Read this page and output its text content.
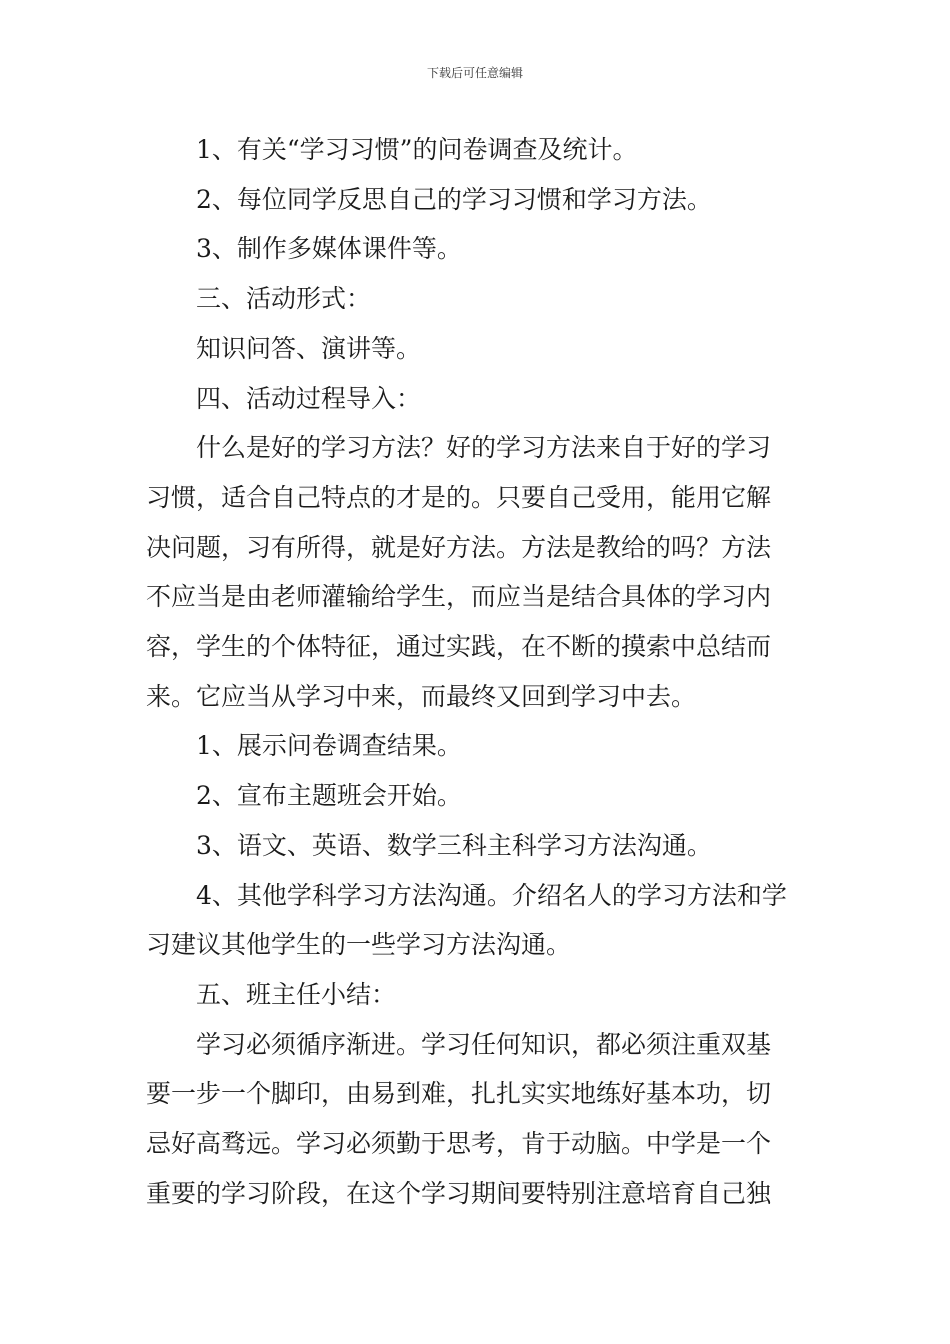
下载后可任意编辑

1、有关“学习习惯”的问卷调查及统计。

2、每位同学反思自己的学习习惯和学习方法。

3、制作多媒体课件等。

三、活动形式：

知识问答、演讲等。

四、活动过程导入：

什么是好的学习方法？好的学习方法来自于好的学习

习惯，适合自己特点的才是的。只要自己受用，能用它解

决问题，习有所得，就是好方法。方法是教给的吗？方法

不应当是由老师灌输给学生，而应当是结合具体的学习内

容，学生的个体特征，通过实践，在不断的摸索中总结而

来。它应当从学习中来，而最终又回到学习中去。

1、展示问卷调查结果。

2、宣布主题班会开始。

3、语文、英语、数学三科主科学习方法沟通。

4、其他学科学习方法沟通。介绍名人的学习方法和学

习建议其他学生的一些学习方法沟通。

五、班主任小结：

学习必须循序渐进。学习任何知识，都必须注重双基

要一步一个脚印，由易到难，扎扎实实地练好基本功，切

忌好高骛远。学习必须勤于思考，肯于动脑。中学是一个

重要的学习阶段，在这个学习期间要特别注意培育自己独
